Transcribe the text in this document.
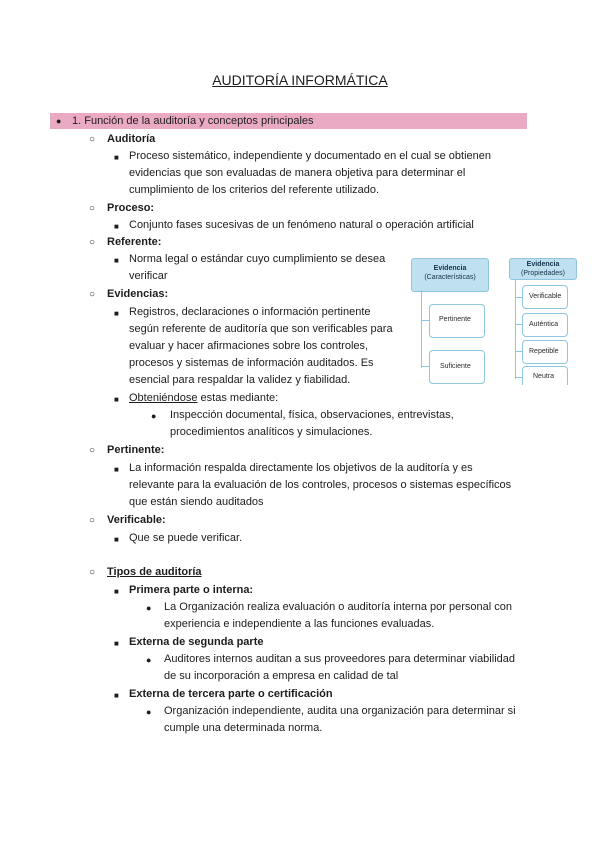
AUDITORÍA INFORMÁTICA
● 1. Función de la auditoría y conceptos principales
○ Auditoría
■ Proceso sistemático, independiente y documentado en el cual se obtienen
evidencias que son evaluadas de manera objetiva para determinar el
cumplimiento de los criterios del referente utilizado.
○ Proceso:
■ Conjunto fases sucesivas de un fenómeno natural o operación artificial
○ Referente:
■ Norma legal o estándar cuyo cumplimiento se desea
verificar
○ Evidencias:
■ Registros, declaraciones o información pertinente
según referente de auditoría que son verificables para
evaluar y hacer afirmaciones sobre los controles,
procesos y sistemas de información auditados. Es
esencial para respaldar la validez y fiabilidad.
■ Obteniéndose estas mediante:
● Inspección documental, física, observaciones, entrevistas,
procedimientos analíticos y simulaciones.
○ Pertinente:
■ La información respalda directamente los objetivos de la auditoría y es
relevante para la evaluación de los controles, procesos o sistemas específicos
que están siendo auditados
○ Verificable:
■ Que se puede verificar.
○ Tipos de auditoría
■ Primera parte o interna:
● La Organización realiza evaluación o auditoría interna por personal con
experiencia e independiente a las funciones evaluadas.
■ Externa de segunda parte
● Auditores internos auditan a sus proveedores para determinar viabilidad
de su incorporación a empresa en calidad de tal
■ Externa de tercera parte o certificación
● Organización independiente, audita una organización para determinar si
cumple una determinada norma.
Evidencia
(Características)
Pertinente
Suficiente
Evidencia
(Propiedades)
Verificable
Auténtica
Repetible
Neutra
